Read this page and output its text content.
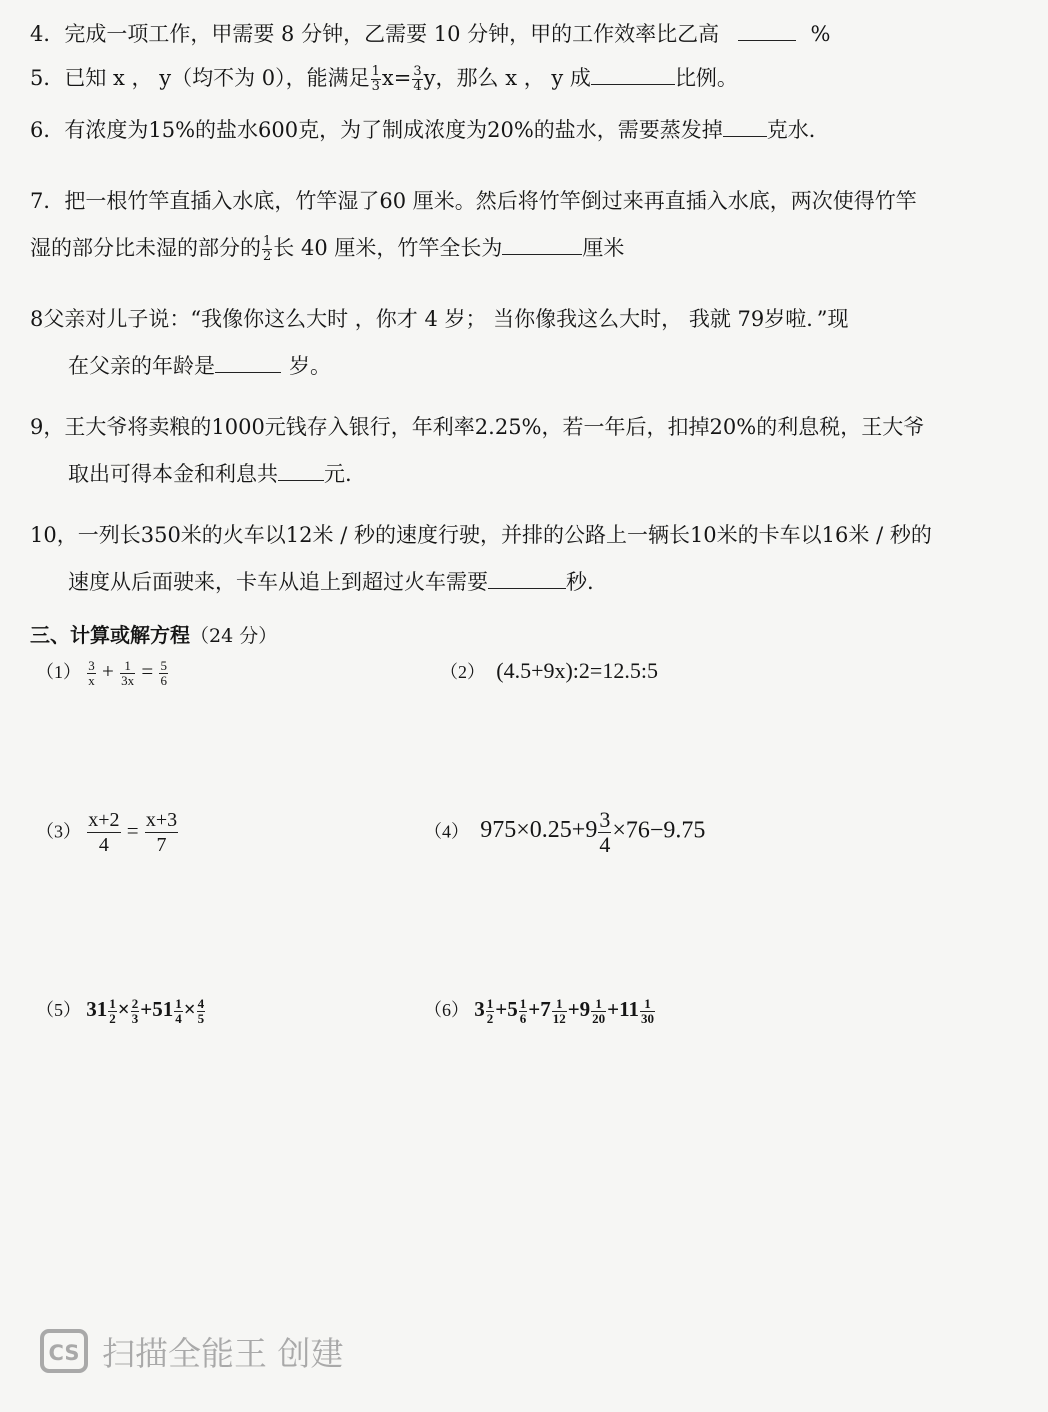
4．完成一项工作，甲需要 8 分钟，乙需要 10 分钟，甲的工作效率比乙高	%
5．已知 x ， y（均不为 0），能满足 $\frac{1}{3} x= \frac{3}{4}$ y，那么 x ， y 成	比例。
6．有浓度为15%的盐水600克，为了制成浓度为20%的盐水，需要蒸发掉 克水．
7．把一根竹竿直插入水底，竹竿湿了60 厘米。然后将竹竿倒过来再直插入水底，两次使得竹竿
湿的部分比未湿的部分的 $\frac{1}{2}$ 长 40 厘米，竹竿全长为	厘米
8父亲对儿子说：“我像你这么大时 ，你才 4 岁； 当你像我这么大时， 我就 79岁啦．”现
在父亲的年龄是	岁。
9，王大爷将卖粮的1000元钱存入银行，年利率2.25%，若一年后，扣掉20%的利息税，王大爷
取出可得本金和利息共 元.
10，一列长350米的火车以12米 / 秒的速度行驶，并排的公路上一辆长10米的卡车以16米 / 秒的
速度从后面驶来，卡车从追上到超过火车需要	秒.
三、计算或解方程（24 分）
$(1) \frac{3}{x} + \frac{1}{3x} = \frac{5}{6}$	（2） (4.5+9x):2=12.5:5
$(3) \frac{x+2}{4} = \frac{x+3}{7}$	（4） $975\times 0.25+9 \frac{3}{4} \times 76-9.75$
（5） $31 \frac{1}{2} \times \frac{2}{3} +51 \frac{1}{4} \times \frac{4}{5}$	（6） $3 \frac{1}{2} +5 \frac{1}{6} +7 \frac{1}{12} +9 \frac{1}{20} +11 \frac{1}{30}$
CS 扫描全能王 创建
